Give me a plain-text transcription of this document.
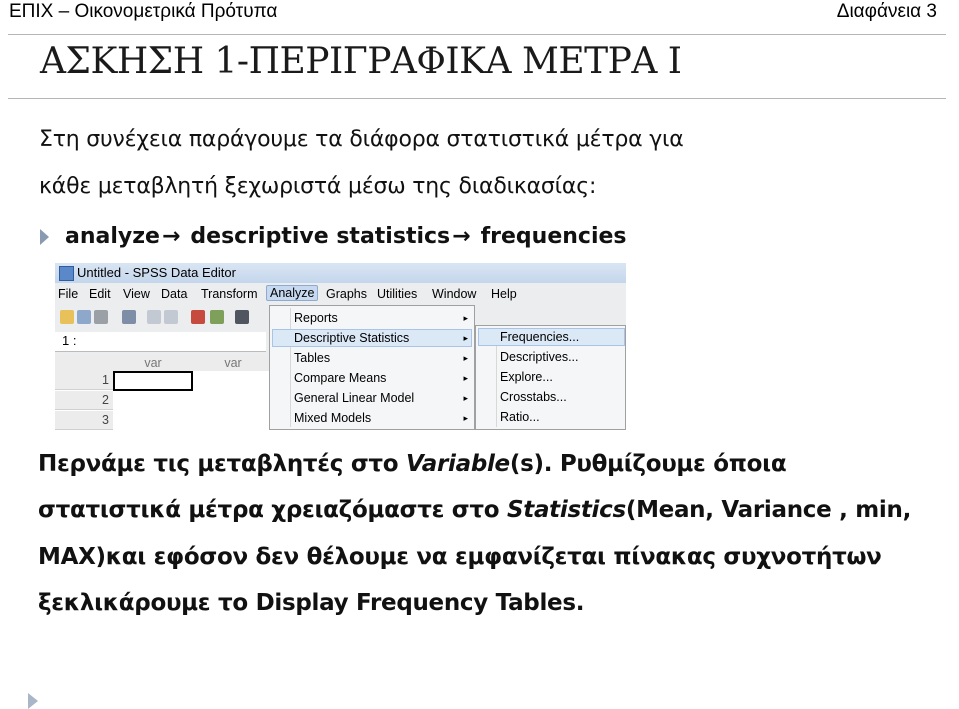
ΕΠΙΧ – Οικονομετρικά Πρότυπα	Διαφάνεια 3
ΑΣΚΗΣΗ 1-ΠΕΡΙΓΡΑΦΙΚΑ ΜΕΤΡΑ Ι
Στη συνέχεια παράγουμε τα διάφορα στατιστικά μέτρα για
κάθε μεταβλητή ξεχωριστά μέσω της διαδικασίας:
analyze → descriptive statistics → frequencies
Untitled - SPSS Data Editor
File Edit View Data Transform	Analyze Graphs Utilities Window Help
1 :
var	var
1
2
3
Reports	▸
Descriptive Statistics	▸
Tables	▸
Compare Means	▸
General Linear Model	▸
Mixed Models	▸
Frequencies...
Descriptives...
Explore...
Crosstabs...
Ratio...
Περνάμε τις μεταβλητές στο Variable(s). Ρυθμίζουμε όποια
στατιστικά μέτρα χρειαζόμαστε στο Statistics(Mean, Variance , min,
MAX)και εφόσον δεν θέλουμε να εμφανίζεται πίνακας συχνοτήτων
ξεκλικάρουμε το Display Frequency Tables.
